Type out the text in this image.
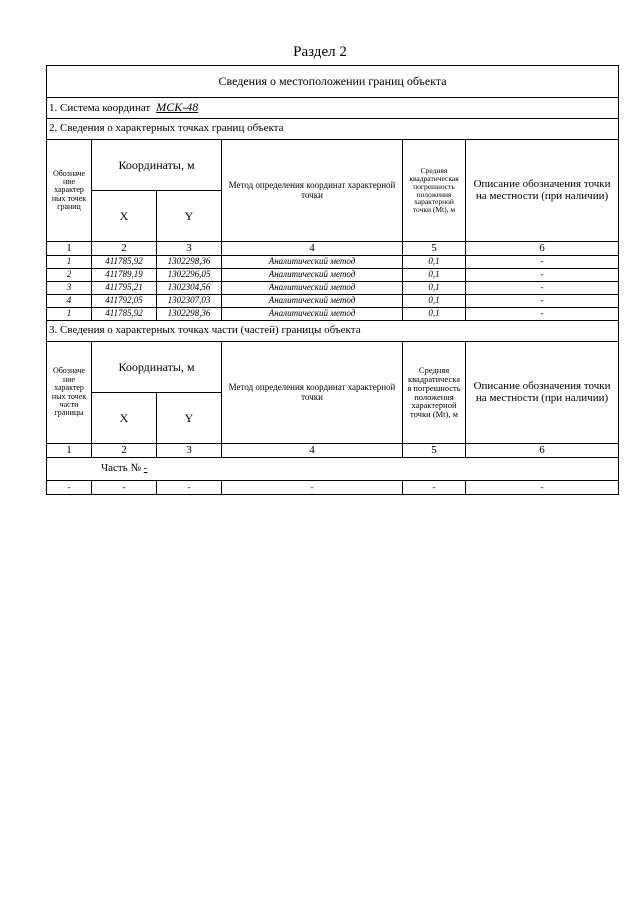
Раздел 2
Сведения о местоположении границ объекта					
1. Система координат МСК-48					
2. Сведения о характерных точках границ объекта					
Обозначе ние характер ных точек границ	Координаты, м		Метод определения координат характерной точки	Средняя квадратическая погрешность положения характерной точки (Mt), м	Описание обозначения точки на местности (при наличии)
	X	Y			
1	2	3	4	5	6
1	411785,92	1302298,36	Аналитический метод	0,1	-
2	411789,19	1302296,05	Аналитический метод	0,1	-
3	411795,21	1302304,56	Аналитический метод	0,1	-
4	411792,05	1302307,03	Аналитический метод	0,1	-
1	411785,92	1302298,36	Аналитический метод	0,1	-
3. Сведения о характерных точках части (частей) границы объекта					
Обозначе ние характер ных точек части границы	Координаты, м		Метод определения координат характерной точки	Средняя квадратическа я погрешность положения характерной точки (Mt), м	Описание обозначения точки на местности (при наличии)
	X	Y			
1	2	3	4	5	6
Часть № -					
-	-	-	-	-	-
